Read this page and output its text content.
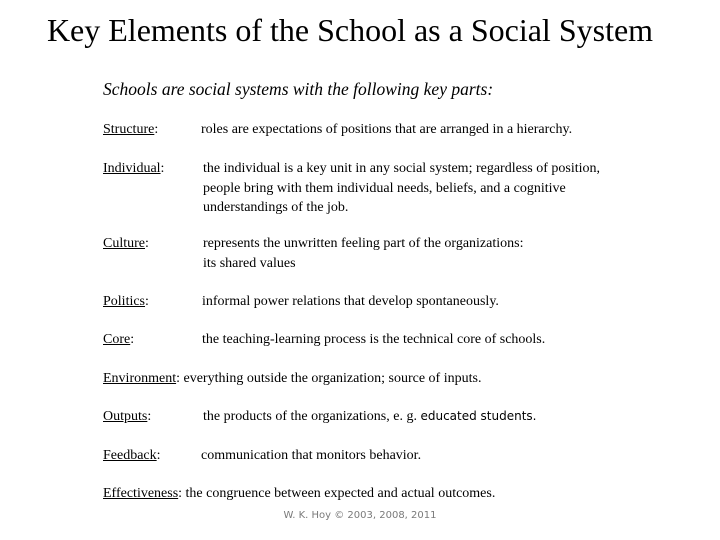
Key Elements of the School as a Social System
Schools are social systems with the following key parts:
Structure:	roles are expectations of positions that are arranged in a hierarchy.
Individual:	the individual is a key unit in any social system; regardless of position,
people bring with them individual needs, beliefs, and a cognitive
understandings of the job.
Culture:	represents the unwritten feeling part of the organizations:
its shared values
Politics:	informal power relations that develop spontaneously.
Core:	the teaching-learning process is the technical core of schools.
Environment: everything outside the organization; source of inputs.
Outputs:	the products of the organizations, e. g. educated students.
Feedback:	communication that monitors behavior.
Effectiveness: the congruence between expected and actual outcomes.
W. K. Hoy © 2003, 2008, 2011
